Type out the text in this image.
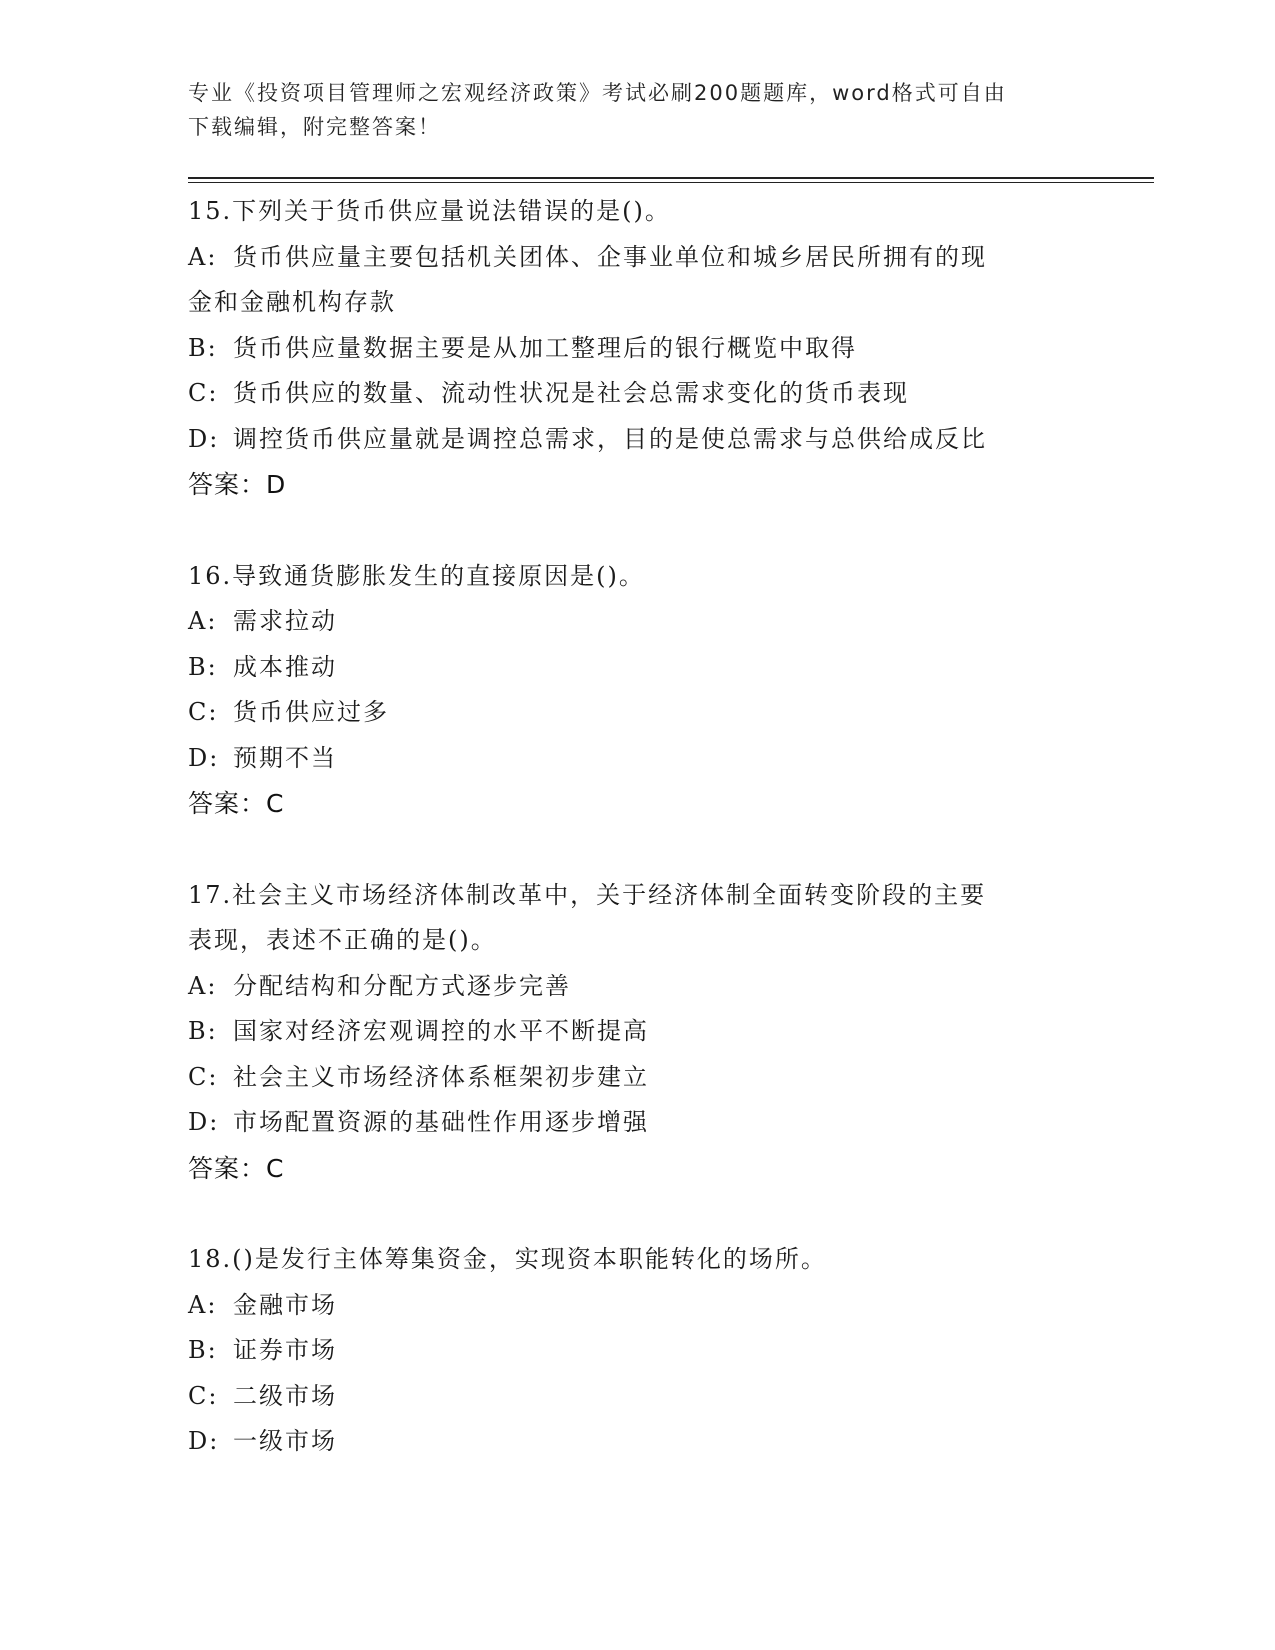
专业《投资项目管理师之宏观经济政策》考试必刷200题题库，word格式可自由
下载编辑，附完整答案！
15.下列关于货币供应量说法错误的是()。
A: 货币供应量主要包括机关团体、企事业单位和城乡居民所拥有的现
金和金融机构存款
B: 货币供应量数据主要是从加工整理后的银行概览中取得
C: 货币供应的数量、流动性状况是社会总需求变化的货币表现
D: 调控货币供应量就是调控总需求，目的是使总需求与总供给成反比
答案：D
16.导致通货膨胀发生的直接原因是()。
A: 需求拉动
B: 成本推动
C: 货币供应过多
D: 预期不当
答案：C
17.社会主义市场经济体制改革中，关于经济体制全面转变阶段的主要
表现，表述不正确的是()。
A: 分配结构和分配方式逐步完善
B: 国家对经济宏观调控的水平不断提高
C: 社会主义市场经济体系框架初步建立
D: 市场配置资源的基础性作用逐步增强
答案：C
18.()是发行主体筹集资金，实现资本职能转化的场所。
A: 金融市场
B: 证券市场
C: 二级市场
D: 一级市场
